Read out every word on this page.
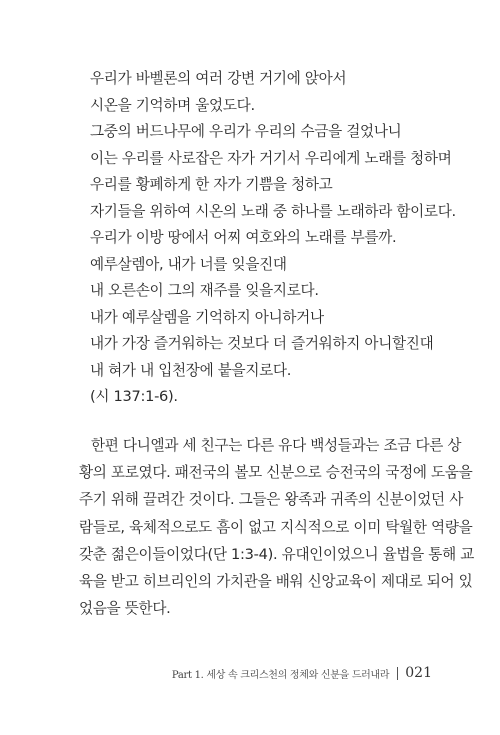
우리가 바벨론의 여러 강변 거기에 앉아서
시온을 기억하며 울었도다.
그중의 버드나무에 우리가 우리의 수금을 걸었나니
이는 우리를 사로잡은 자가 거기서 우리에게 노래를 청하며
우리를 황폐하게 한 자가 기쁨을 청하고
자기들을 위하여 시온의 노래 중 하나를 노래하라 함이로다.
우리가 이방 땅에서 어찌 여호와의 노래를 부를까.
예루살렘아, 내가 너를 잊을진대
내 오른손이 그의 재주를 잊을지로다.
내가 예루살렘을 기억하지 아니하거나
내가 가장 즐거워하는 것보다 더 즐거워하지 아니할진대
내 혀가 내 입천장에 붙을지로다.
(시 137:1-6).
한편 다니엘과 세 친구는 다른 유다 백성들과는 조금 다른 상
황의 포로였다. 패전국의 볼모 신분으로 승전국의 국정에 도움을
주기 위해 끌려간 것이다. 그들은 왕족과 귀족의 신분이었던 사
람들로, 육체적으로도 흠이 없고 지식적으로 이미 탁월한 역량을
갖춘 젊은이들이었다(단 1:3-4). 유대인이었으니 율법을 통해 교
육을 받고 히브리인의 가치관을 배워 신앙교육이 제대로 되어 있
었음을 뜻한다.
Part 1. 세상 속 크리스천의 정체와 신분을 드러내라 021
